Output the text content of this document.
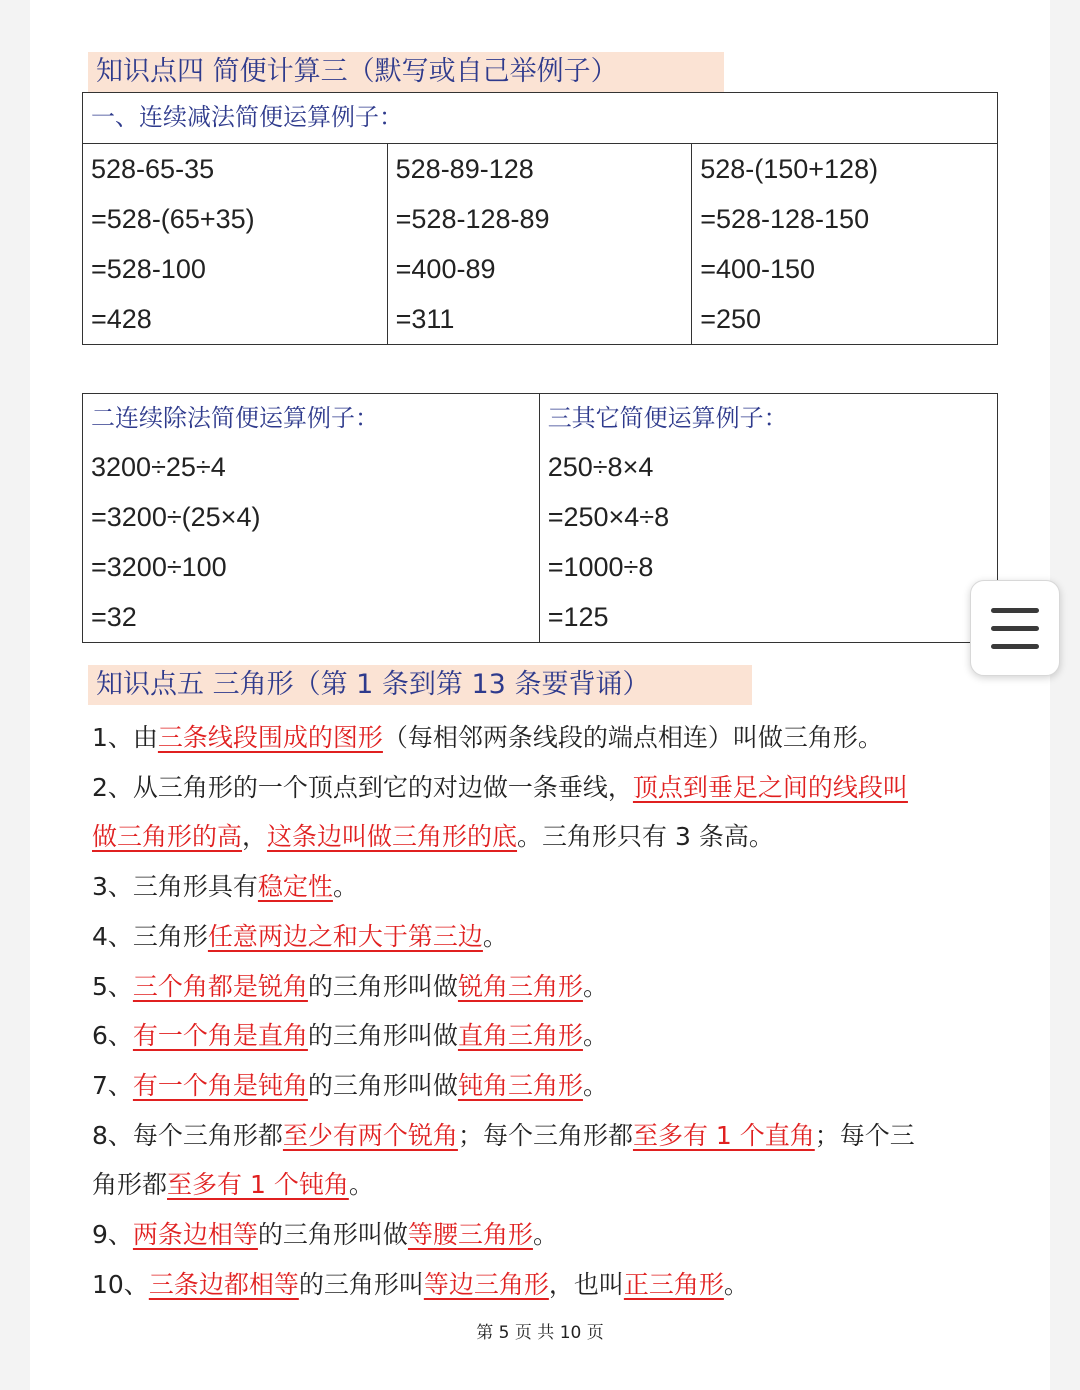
知识点四 简便计算三（默写或自己举例子）
一、连续减法简便运算例子：

528-65-35
=528-(65+35)
=528-100
=428

528-89-128
=528-128-89
=400-89
=311

528-(150+128)
=528-128-150
=400-150
=250
二连续除法简便运算例子：
3200÷25÷4
=3200÷(25×4)
=3200÷100
=32

三其它简便运算例子：
250÷8×4
=250×4÷8
=1000÷8
=125
知识点五 三角形（第 1 条到第 13 条要背诵）
1、由三条线段围成的图形（每相邻两条线段的端点相连）叫做三角形。
2、从三角形的一个顶点到它的对边做一条垂线，顶点到垂足之间的线段叫
做三角形的高，这条边叫做三角形的底。三角形只有 3 条高。
3、三角形具有稳定性。
4、三角形任意两边之和大于第三边。
5、三个角都是锐角的三角形叫做锐角三角形。
6、有一个角是直角的三角形叫做直角三角形。
7、有一个角是钝角的三角形叫做钝角三角形。
8、每个三角形都至少有两个锐角；每个三角形都至多有 1 个直角；每个三
角形都至多有 1 个钝角。
9、两条边相等的三角形叫做等腰三角形。
10、三条边都相等的三角形叫等边三角形，也叫正三角形。
第 5 页 共 10 页
